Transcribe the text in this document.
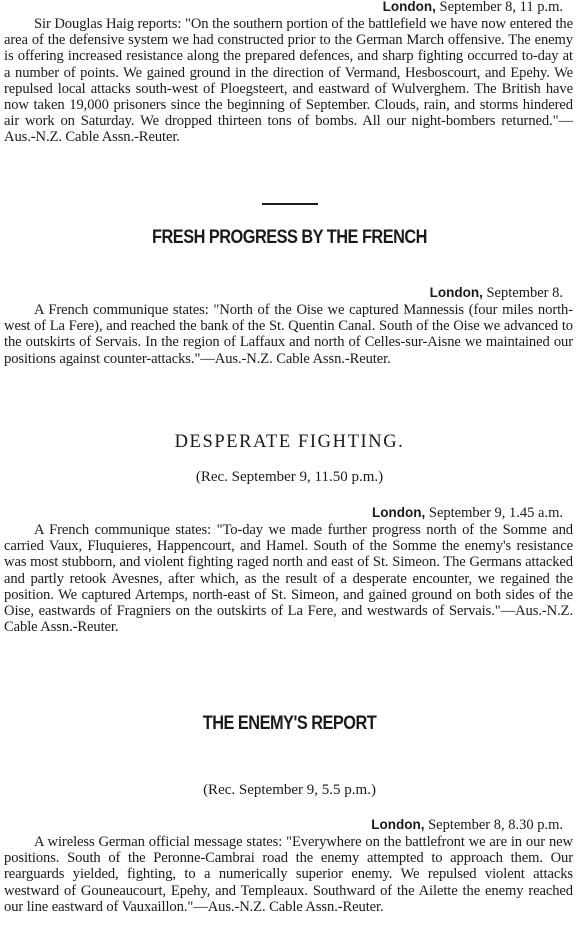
London, September 8, 11 p.m.

Sir Douglas Haig reports: "On the southern portion of the battlefield we have now entered the area of the defensive system we had constructed prior to the German March offensive. The enemy is offering increased resistance along the prepared defences, and sharp fighting occurred to-day at a number of points. We gained ground in the direction of Vermand, Hesboscourt, and Epehy. We repulsed local attacks south-west of Ploegsteert, and eastward of Wulverghem. The British have now taken 19,000 prisoners since the beginning of September. Clouds, rain, and storms hindered air work on Saturday. We dropped thirteen tons of bombs. All our night-bombers returned."—Aus.-N.Z. Cable Assn.-Reuter.

FRESH PROGRESS BY THE FRENCH
London, September 8.

A French communique states: "North of the Oise we captured Mannessis (four miles north-west of La Fere), and reached the bank of the St. Quentin Canal. South of the Oise we advanced to the outskirts of Servais. In the region of Laffaux and north of Celles-sur-Aisne we maintained our positions against counter-attacks."—Aus.-N.Z. Cable Assn.-Reuter.

DESPERATE FIGHTING.
(Rec. September 9, 11.50 p.m.)
London, September 9, 1.45 a.m.

A French communique states: "To-day we made further progress north of the Somme and carried Vaux, Fluquieres, Happencourt, and Hamel. South of the Somme the enemy's resistance was most stubborn, and violent fighting raged north and east of St. Simeon. The Germans attacked and partly retook Avesnes, after which, as the result of a desperate encounter, we regained the position. We captured Artemps, north-east of St. Simeon, and gained ground on both sides of the Oise, eastwards of Fragniers on the outskirts of La Fere, and westwards of Servais."—Aus.-N.Z. Cable Assn.-Reuter.

THE ENEMY'S REPORT
(Rec. September 9, 5.5 p.m.)
London, September 8, 8.30 p.m.

A wireless German official message states: "Everywhere on the battlefront we are in our new positions. South of the Peronne-Cambrai road the enemy attempted to approach them. Our rearguards yielded, fighting, to a numerically superior enemy. We repulsed violent attacks westward of Gouneaucourt, Epehy, and Templeaux. Southward of the Ailette the enemy reached our line eastward of Vauxaillon."—Aus.-N.Z. Cable Assn.-Reuter.
